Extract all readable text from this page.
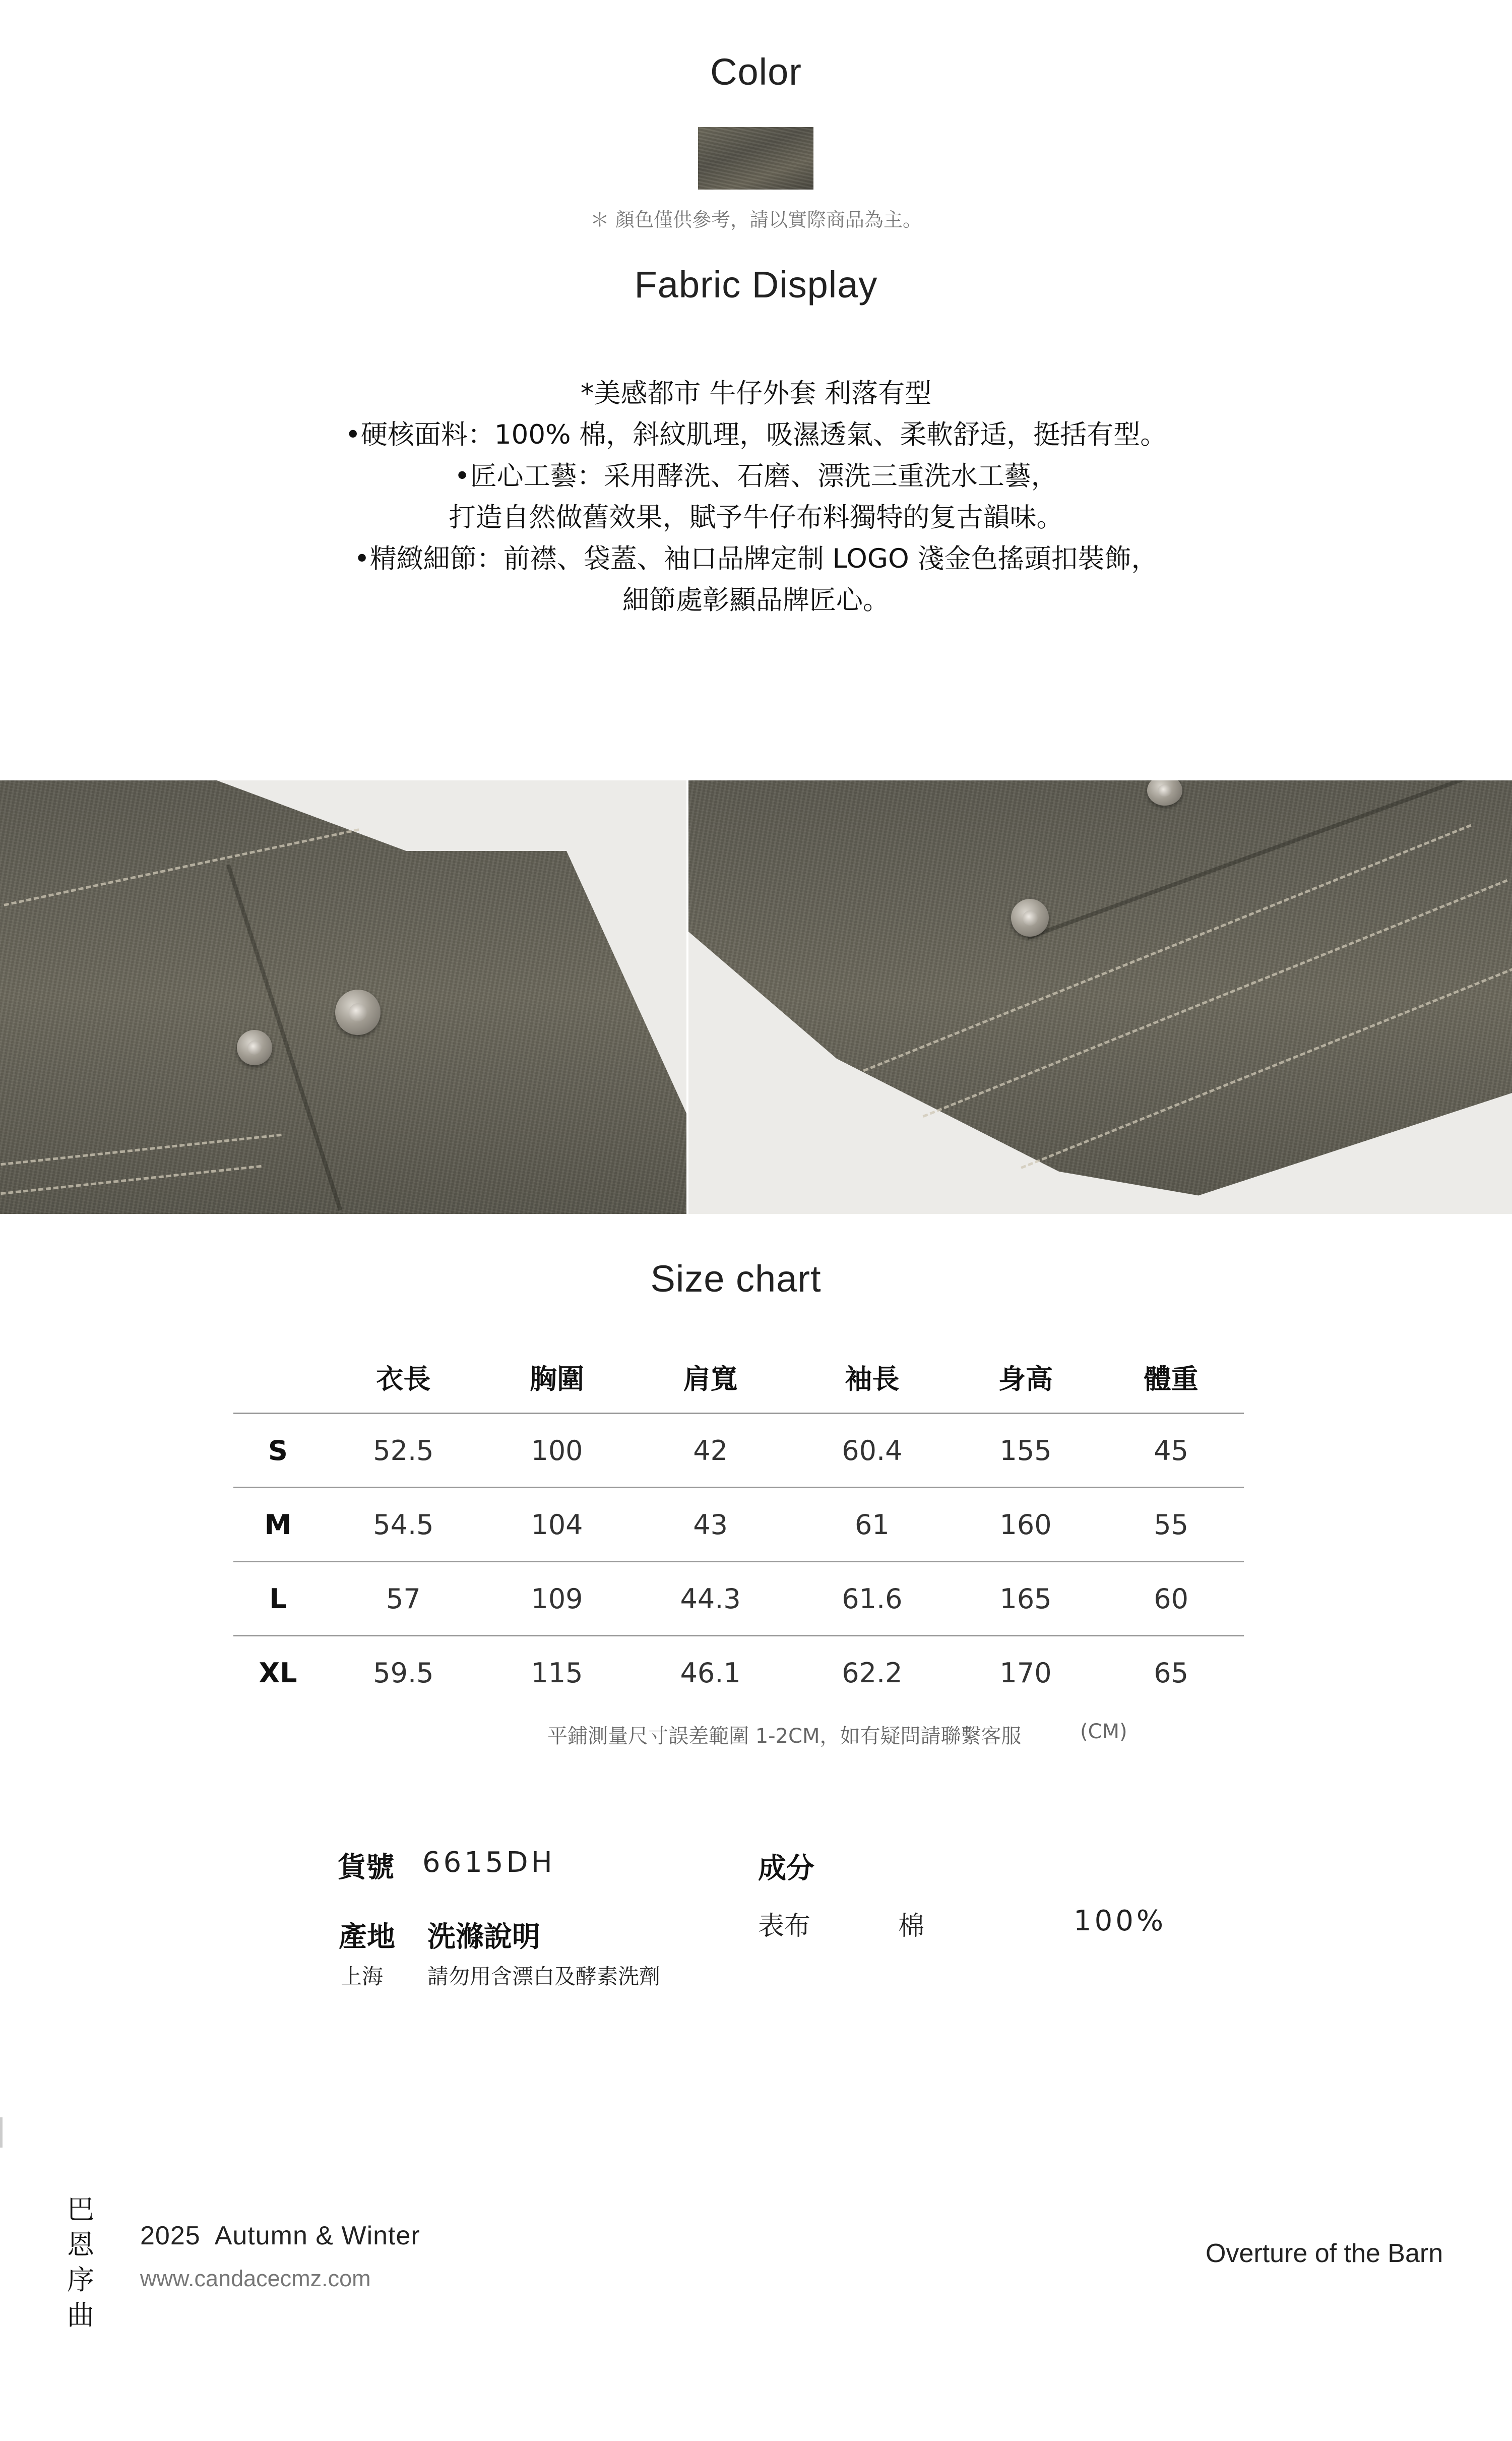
Color
＊ 顏色僅供參考，請以實際商品為主。
Fabric Display
*美感都市 牛仔外套 利落有型
•硬核面料：100% 棉，斜紋肌理，吸濕透氣、柔軟舒适，挺括有型。
•匠心工藝：采用酵洗、石磨、漂洗三重洗水工藝，
打造自然做舊效果，賦予牛仔布料獨特的复古韻味。
•精緻細節：前襟、袋蓋、袖口品牌定制 LOGO 淺金色搖頭扣裝飾，
細節處彰顯品牌匠心。
Size chart
	衣長	胸圍	肩寬	袖長	身高	體重
S	52.5	100	42	60.4	155	45
M	54.5	104	43	61	160	55
L	57	109	44.3	61.6	165	60
XL	59.5	115	46.1	62.2	170	65
平鋪測量尺寸誤差範圍 1-2CM，如有疑問請聯繫客服	(CM)
貨號 6615DH
產地 洗滌說明
上海 請勿用含漂白及酵素洗劑
成分
表布	棉	100%
巴
恩
序
曲
2025  Autumn & Winter
www.candacecmz.com
Overture of the Barn
